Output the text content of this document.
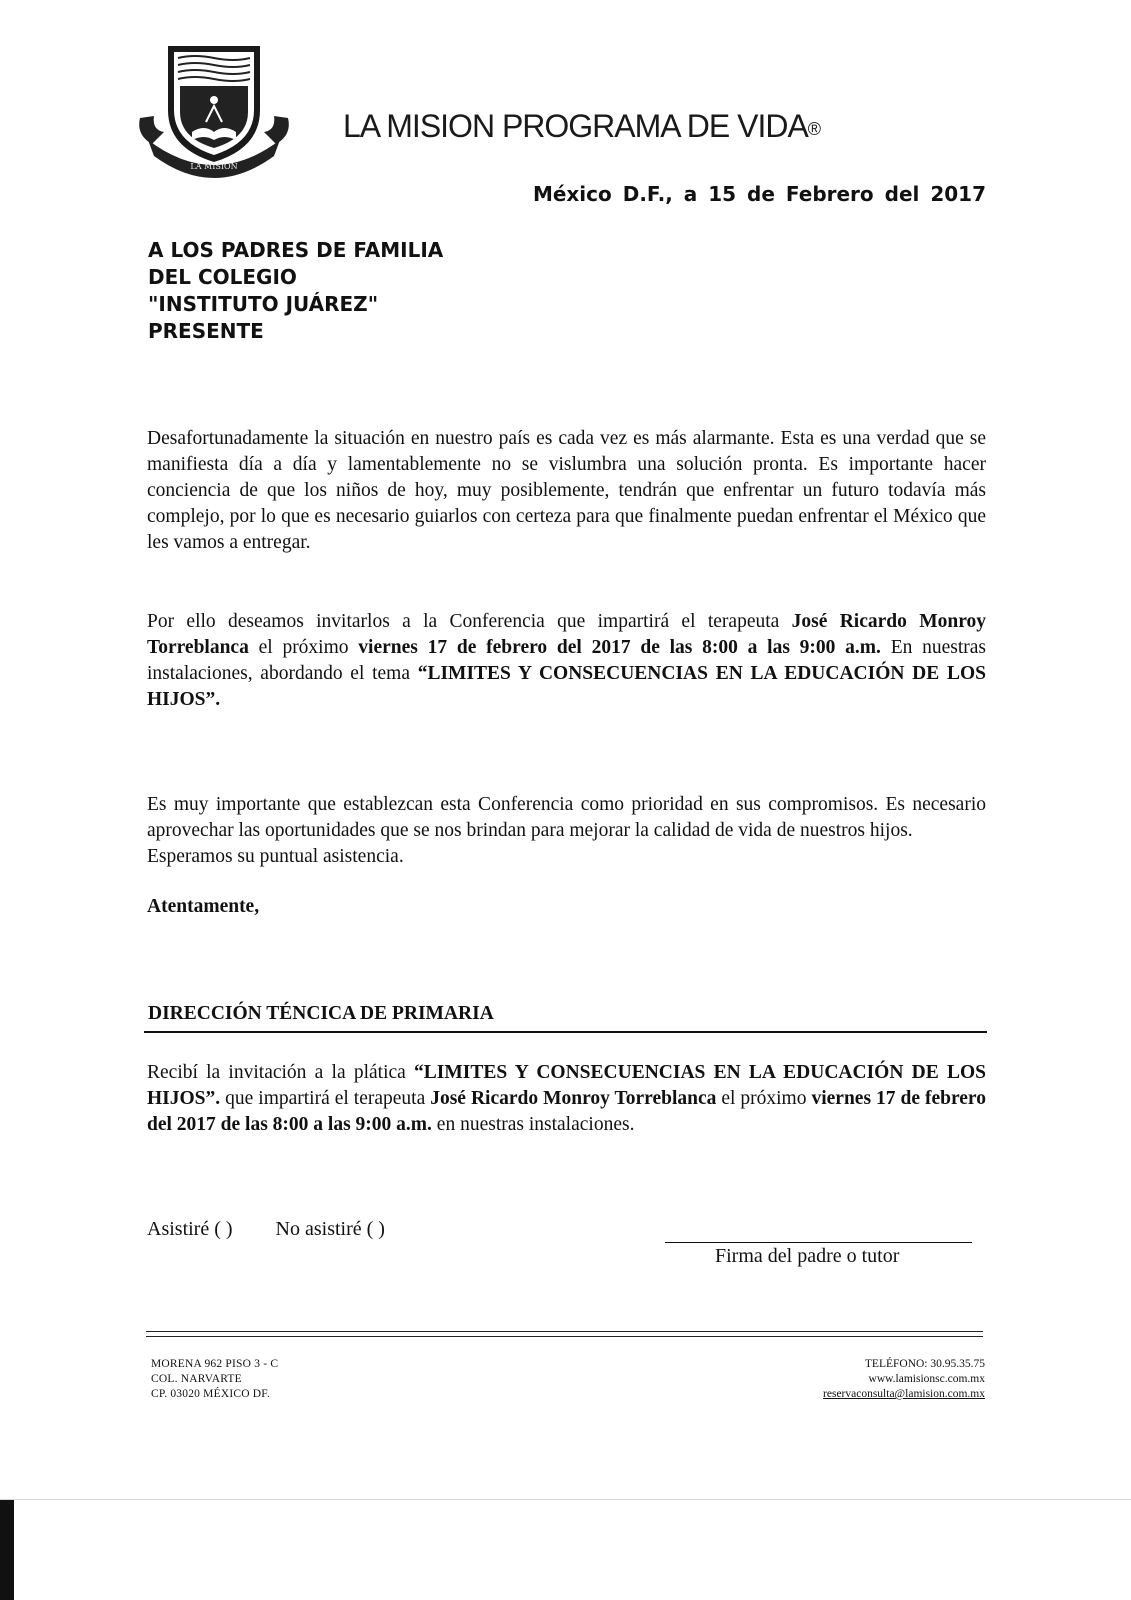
LA MISION
LA MISION PROGRAMA DE VIDA®
México D.F., a 15 de Febrero del 2017
A LOS PADRES DE FAMILIA
DEL COLEGIO
"INSTITUTO JUÁREZ"
PRESENTE
Desafortunadamente la situación en nuestro país es cada vez es más alarmante. Esta es una verdad que se manifiesta día a día y lamentablemente no se vislumbra una solución pronta. Es importante hacer conciencia de que los niños de hoy, muy posiblemente, tendrán que enfrentar un futuro todavía más complejo, por lo que es necesario guiarlos con certeza para que finalmente puedan enfrentar el México que les vamos a entregar.
Por ello deseamos invitarlos a la Conferencia que impartirá el terapeuta José Ricardo Monroy Torreblanca el próximo viernes 17 de febrero del 2017 de las 8:00 a las 9:00 a.m. En nuestras instalaciones, abordando el tema “LIMITES Y CONSECUENCIAS EN LA EDUCACIÓN DE LOS HIJOS”.
Es muy importante que establezcan esta Conferencia como prioridad en sus compromisos. Es necesario aprovechar las oportunidades que se nos brindan para mejorar la calidad de vida de nuestros hijos.
Esperamos su puntual asistencia.
Atentamente,
DIRECCIÓN TÉNCICA DE PRIMARIA
Recibí la invitación a la plática “LIMITES Y CONSECUENCIAS EN LA EDUCACIÓN DE LOS HIJOS”. que impartirá el terapeuta José Ricardo Monroy Torreblanca el próximo viernes 17 de febrero del 2017 de las 8:00 a las 9:00 a.m. en nuestras instalaciones.
Asistiré ( ) No asistiré ( )
Firma del padre o tutor
MORENA 962 PISO 3 - C
COL. NARVARTE
CP. 03020 MÉXICO DF.
TELÉFONO: 30.95.35.75
www.lamisionsc.com.mx
reservaconsulta@lamision.com.mx
